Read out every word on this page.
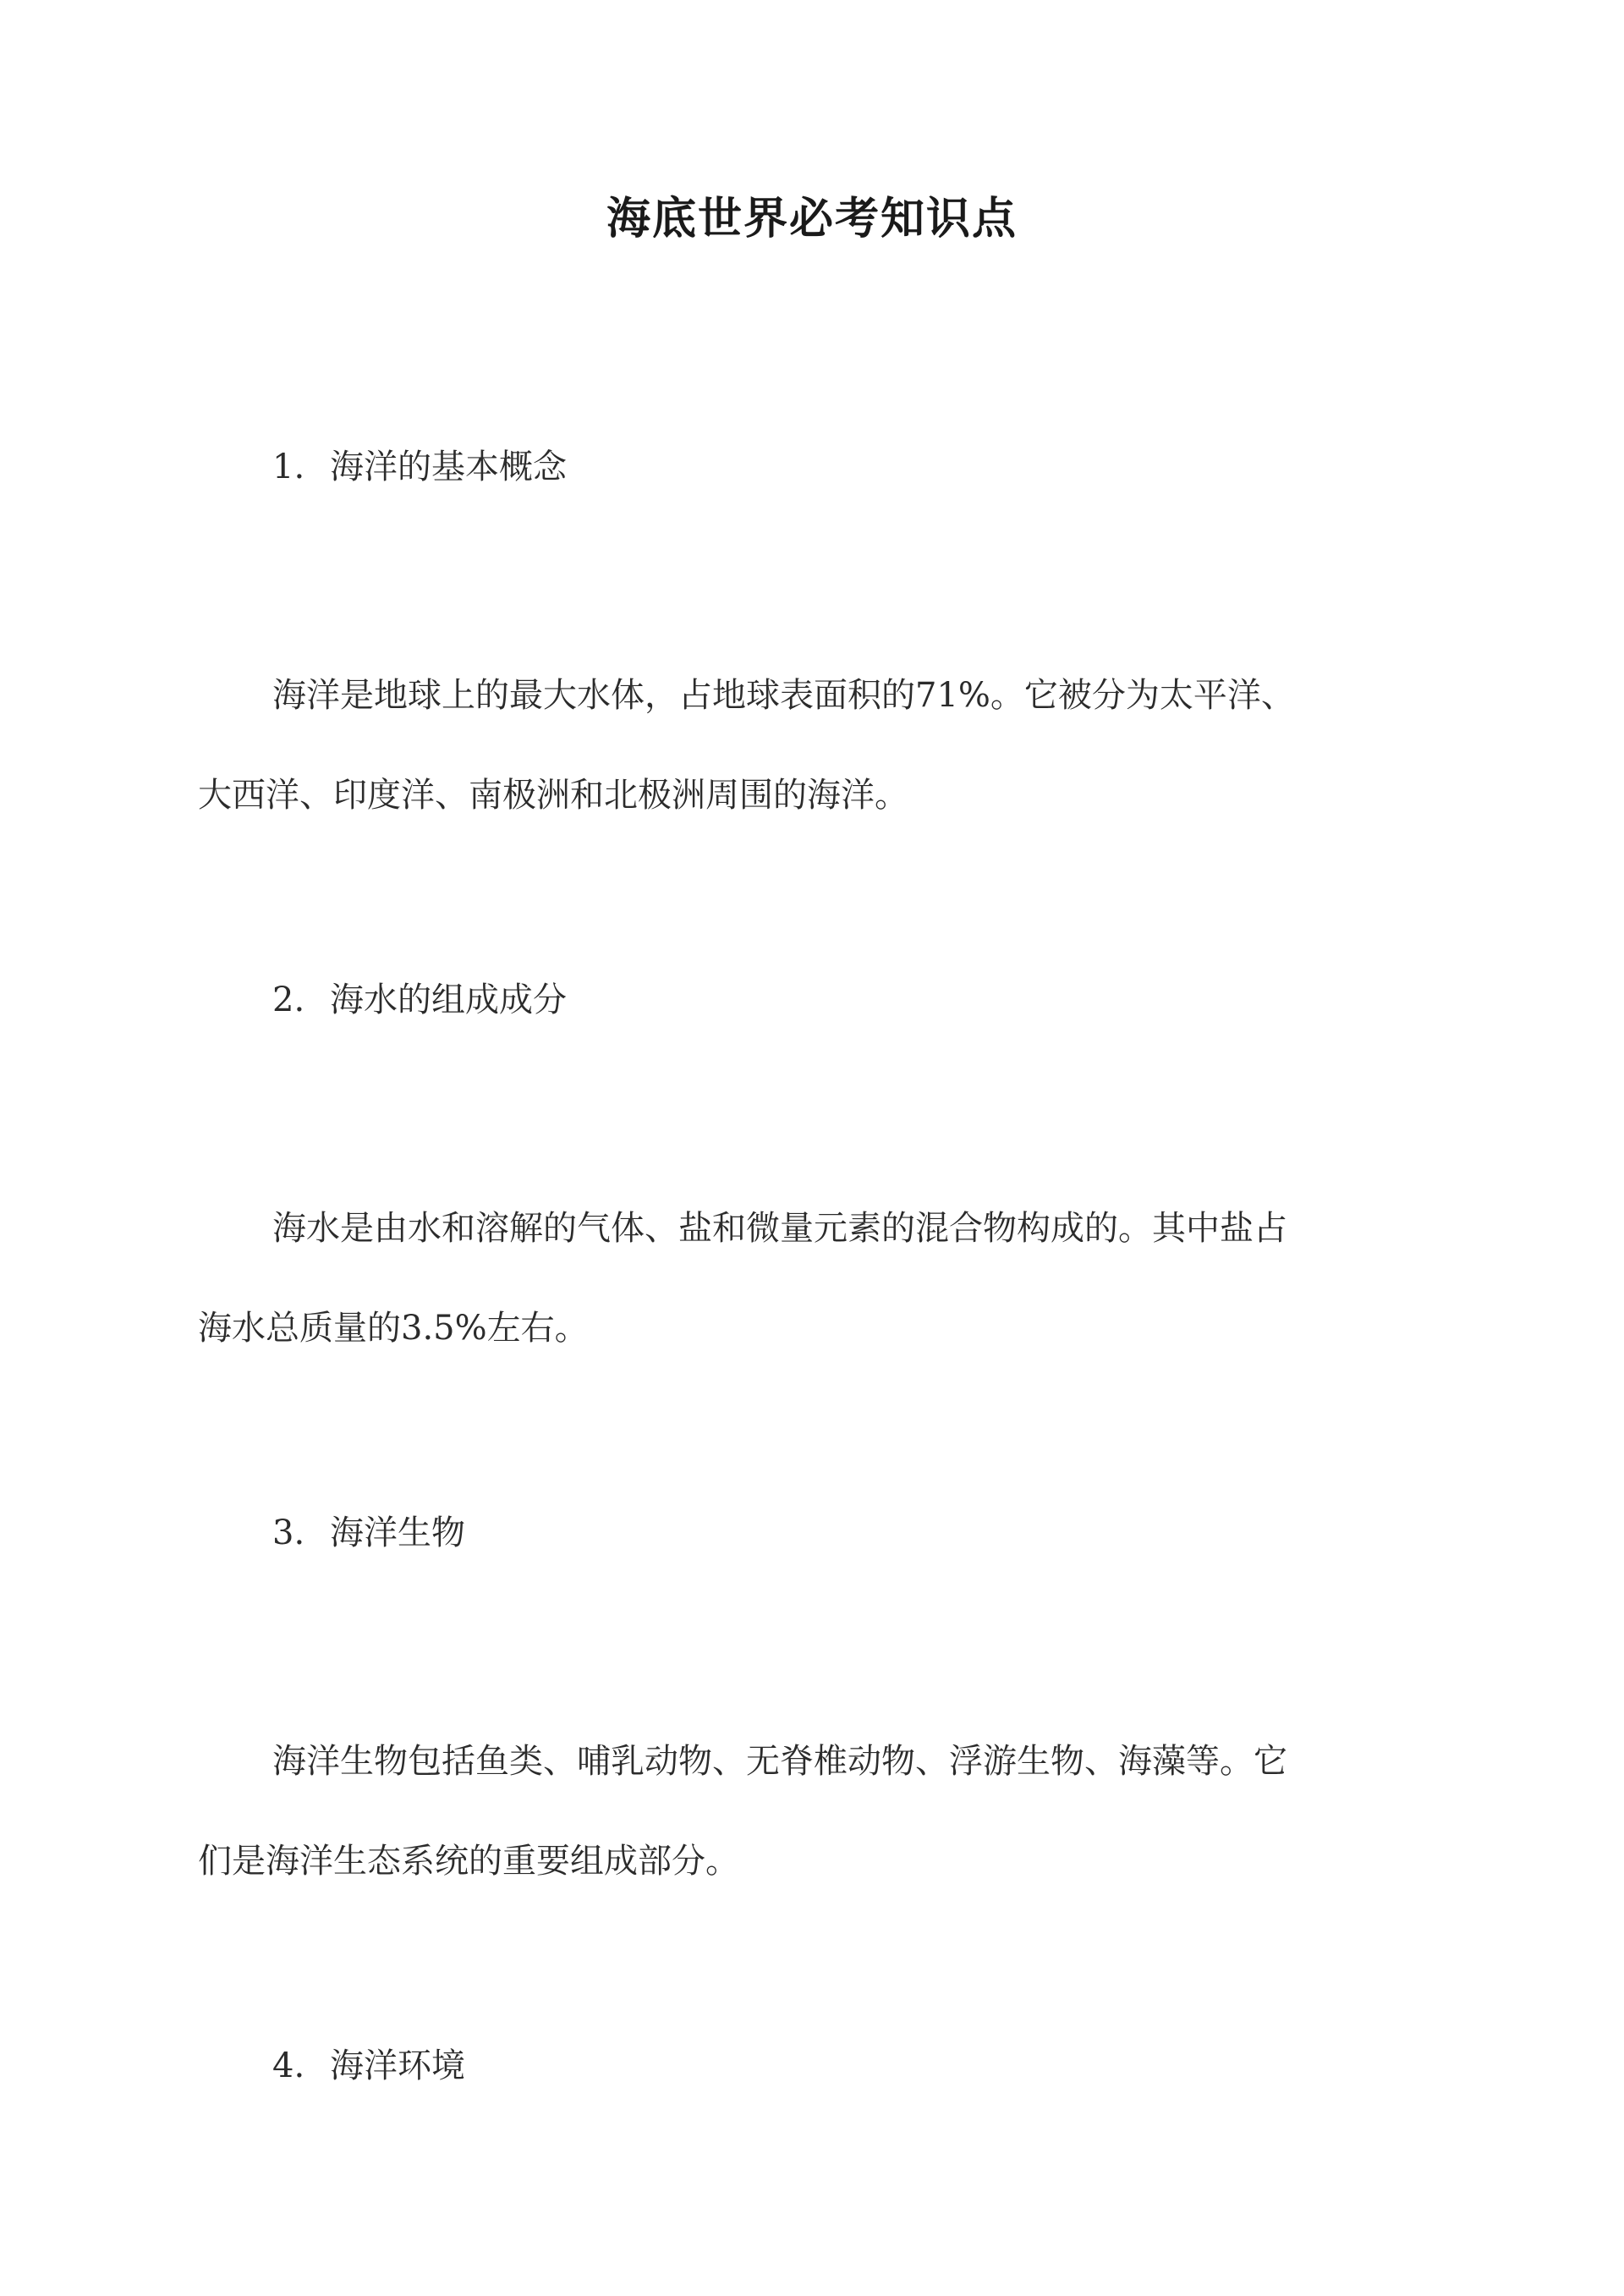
海底世界必考知识点
1. 海洋的基本概念

海洋是地球上的最大水体，占地球表面积的71%。它被分为太平洋、
大西洋、印度洋、南极洲和北极洲周围的海洋。

2. 海水的组成成分

海水是由水和溶解的气体、盐和微量元素的混合物构成的。其中盐占
海水总质量的3.5%左右。

3. 海洋生物

海洋生物包括鱼类、哺乳动物、无脊椎动物、浮游生物、海藻等。它
们是海洋生态系统的重要组成部分。

4. 海洋环境
